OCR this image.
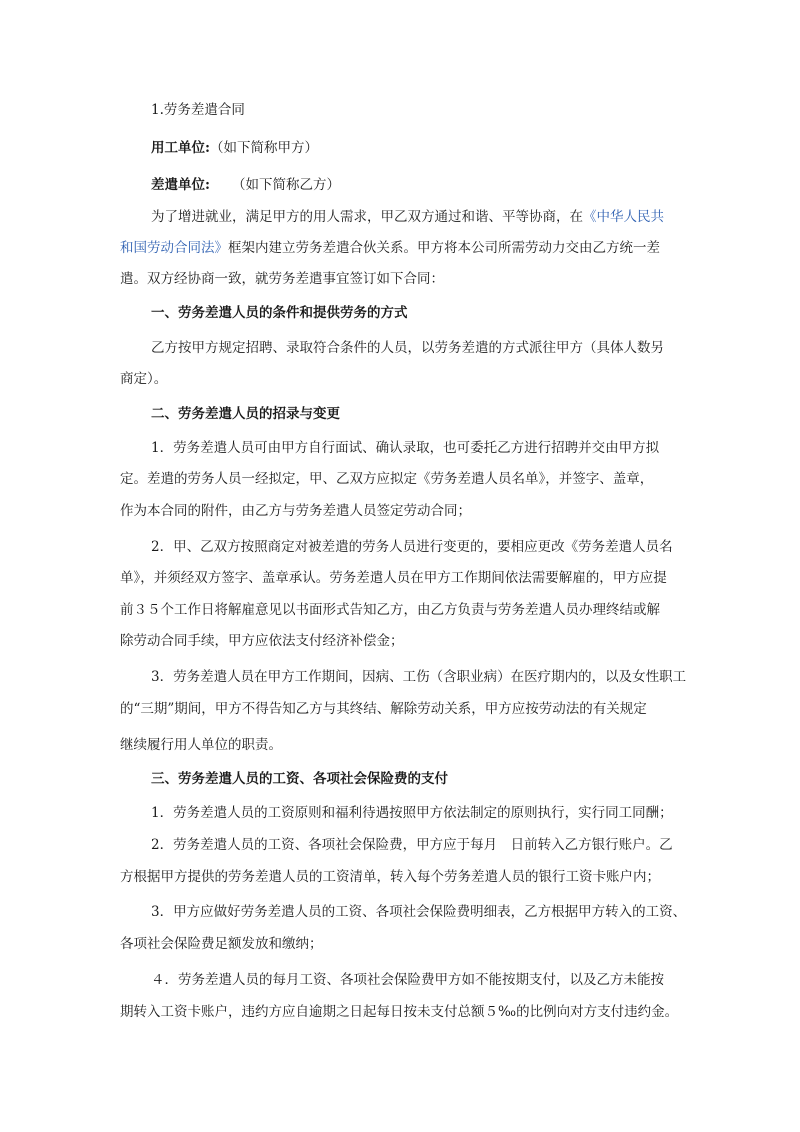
1.劳务差遣合同

用工单位:（如下简称甲方）

差遣单位: （如下简称乙方）

为了增进就业，满足甲方的用人需求，甲乙双方通过和谐、平等协商，在《中华人民共

和国劳动合同法》框架内建立劳务差遣合伙关系。甲方将本公司所需劳动力交由乙方统一差

遣。双方经协商一致，就劳务差遣事宜签订如下合同：

一、劳务差遣人员的条件和提供劳务的方式

乙方按甲方规定招聘、录取符合条件的人员，以劳务差遣的方式派往甲方（具体人数另

商定）。

二、劳务差遣人员的招录与变更

1．劳务差遣人员可由甲方自行面试、确认录取，也可委托乙方进行招聘并交由甲方拟

定。差遣的劳务人员一经拟定，甲、乙双方应拟定《劳务差遣人员名单》，并签字、盖章，

作为本合同的附件，由乙方与劳务差遣人员签定劳动合同；

2．甲、乙双方按照商定对被差遣的劳务人员进行变更的，要相应更改《劳务差遣人员名

单》，并须经双方签字、盖章承认。劳务差遣人员在甲方工作期间依法需要解雇的，甲方应提

前３５个工作日将解雇意见以书面形式告知乙方，由乙方负责与劳务差遣人员办理终结或解

除劳动合同手续，甲方应依法支付经济补偿金；

3．劳务差遣人员在甲方工作期间，因病、工伤（含职业病）在医疗期内的，以及女性职工

的“三期”期间，甲方不得告知乙方与其终结、解除劳动关系，甲方应按劳动法的有关规定

继续履行用人单位的职责。

三、劳务差遣人员的工资、各项社会保险费的支付

1．劳务差遣人员的工资原则和福利待遇按照甲方依法制定的原则执行，实行同工同酬；

2．劳务差遣人员的工资、各项社会保险费，甲方应于每月　日前转入乙方银行账户。乙

方根据甲方提供的劳务差遣人员的工资清单，转入每个劳务差遣人员的银行工资卡账户内；

3．甲方应做好劳务差遣人员的工资、各项社会保险费明细表，乙方根据甲方转入的工资、

各项社会保险费足额发放和缴纳；

４．劳务差遣人员的每月工资、各项社会保险费甲方如不能按期支付，以及乙方未能按

期转入工资卡账户，违约方应自逾期之日起每日按未支付总额５‰的比例向对方支付违约金。
